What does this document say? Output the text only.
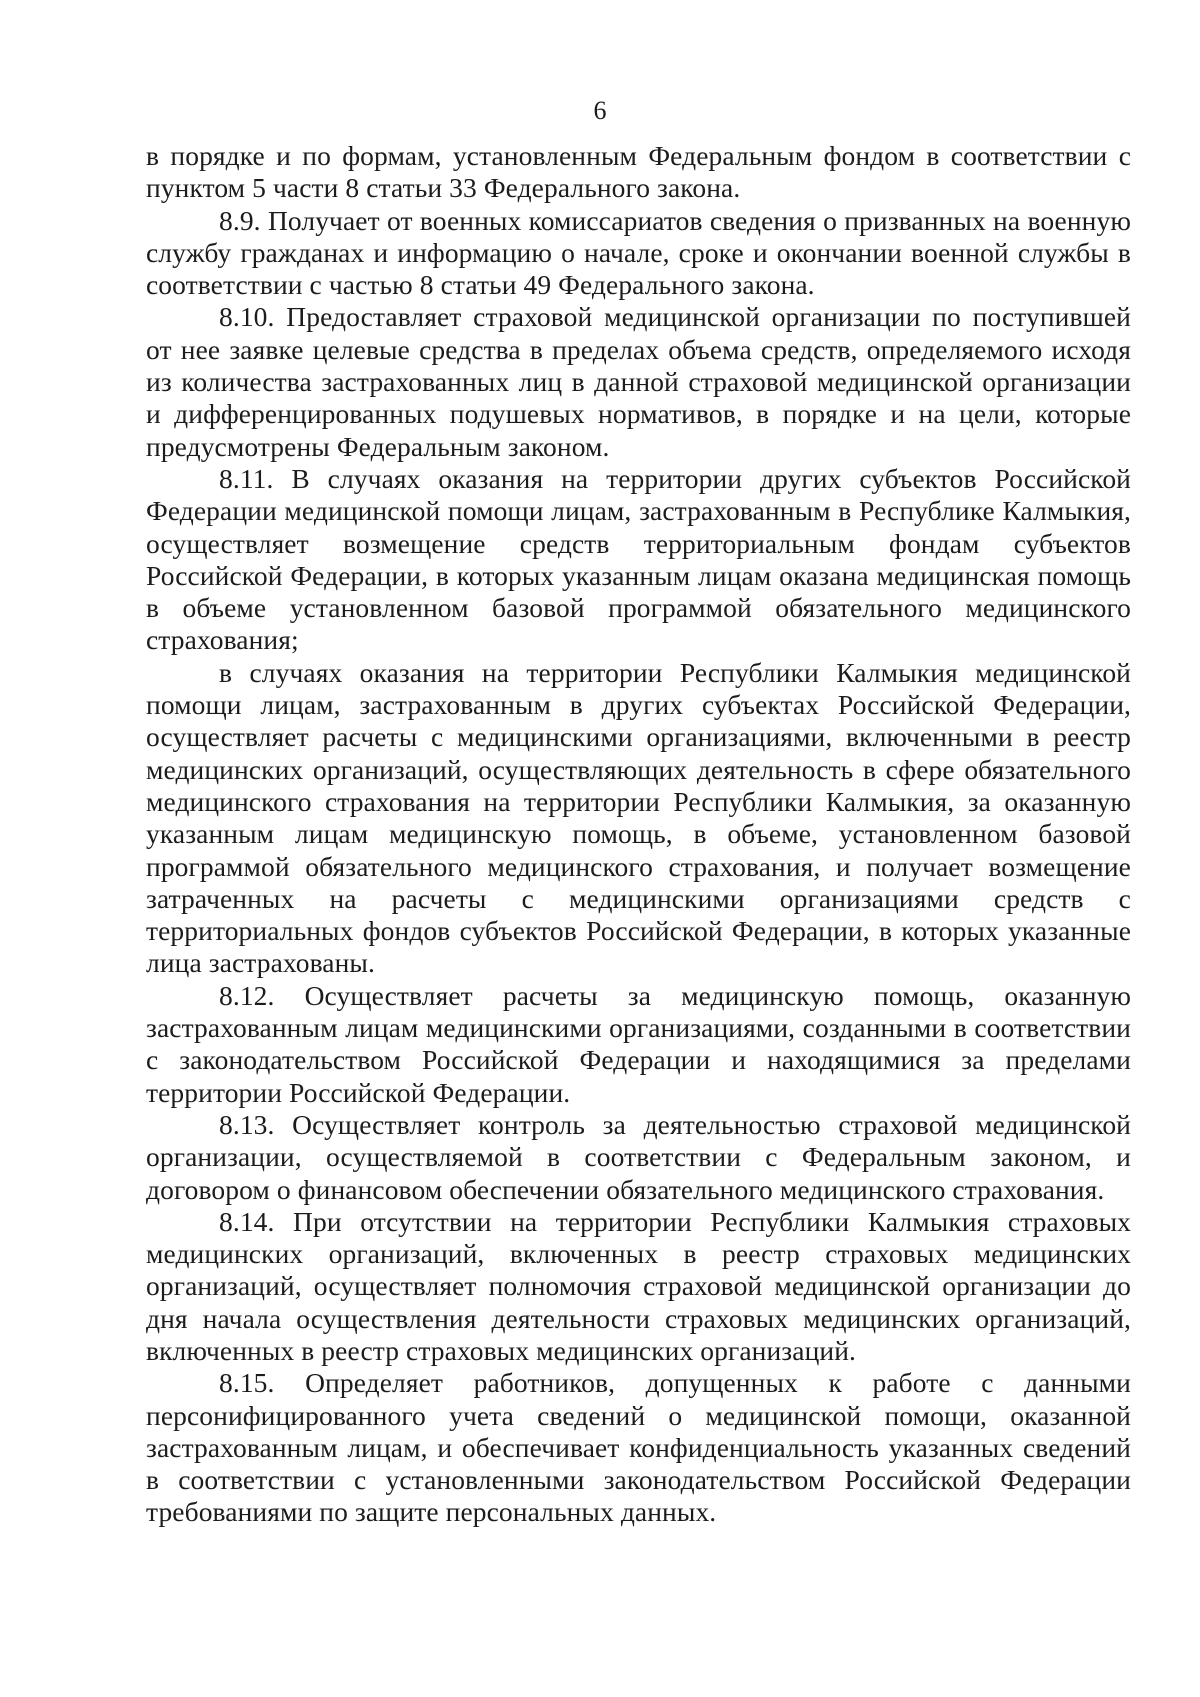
6

в порядке и по формам, установленным Федеральным фондом в соответствии с пунктом 5 части 8 статьи 33 Федерального закона.

8.9. Получает от военных комиссариатов сведения о призванных на военную службу гражданах и информацию о начале, сроке и окончании военной службы в соответствии с частью 8 статьи 49 Федерального закона.

8.10. Предоставляет страховой медицинской организации по поступившей от нее заявке целевые средства в пределах объема средств, определяемого исходя из количества застрахованных лиц в данной страховой медицинской организации и дифференцированных подушевых нормативов, в порядке и на цели, которые предусмотрены Федеральным законом.

8.11. В случаях оказания на территории других субъектов Российской Федерации медицинской помощи лицам, застрахованным в Республике Калмыкия, осуществляет возмещение средств территориальным фондам субъектов Российской Федерации, в которых указанным лицам оказана медицинская помощь в объеме установленном базовой программой обязательного медицинского страхования;

в случаях оказания на территории Республики Калмыкия медицинской помощи лицам, застрахованным в других субъектах Российской Федерации, осуществляет расчеты с медицинскими организациями, включенными в реестр медицинских организаций, осуществляющих деятельность в сфере обязательного медицинского страхования на территории Республики Калмыкия, за оказанную указанным лицам медицинскую помощь, в объеме, установленном базовой программой обязательного медицинского страхования, и получает возмещение затраченных на расчеты с медицинскими организациями средств с территориальных фондов субъектов Российской Федерации, в которых указанные лица застрахованы.

8.12. Осуществляет расчеты за медицинскую помощь, оказанную застрахованным лицам медицинскими организациями, созданными в соответствии с законодательством Российской Федерации и находящимися за пределами территории Российской Федерации.

8.13. Осуществляет контроль за деятельностью страховой медицинской организации, осуществляемой в соответствии с Федеральным законом, и договором о финансовом обеспечении обязательного медицинского страхования.

8.14. При отсутствии на территории Республики Калмыкия страховых медицинских организаций, включенных в реестр страховых медицинских организаций, осуществляет полномочия страховой медицинской организации до дня начала осуществления деятельности страховых медицинских организаций, включенных в реестр страховых медицинских организаций.

8.15. Определяет работников, допущенных к работе с данными персонифицированного учета сведений о медицинской помощи, оказанной застрахованным лицам, и обеспечивает конфиденциальность указанных сведений в соответствии с установленными законодательством Российской Федерации требованиями по защите персональных данных.
